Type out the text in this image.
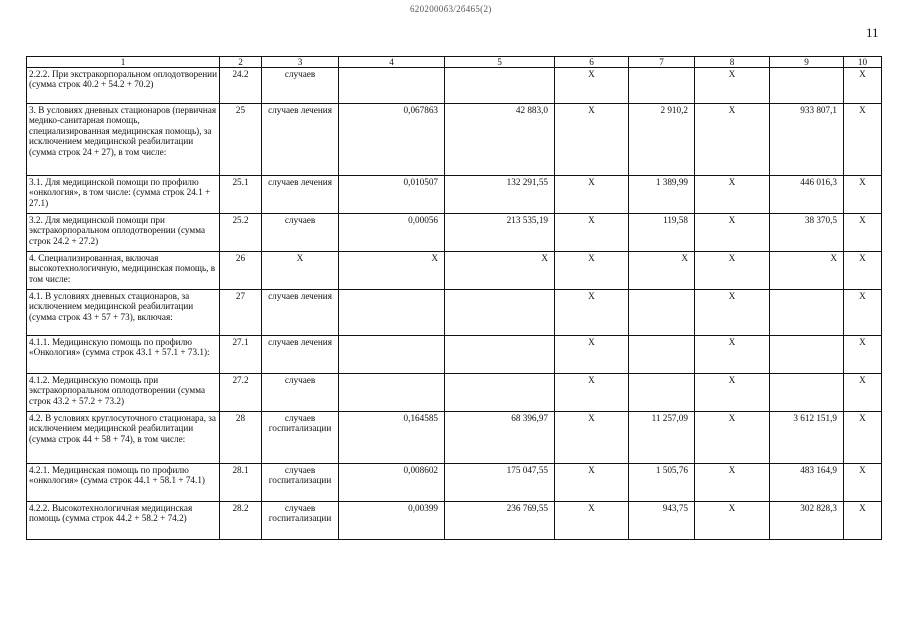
6202000б3/2б465(2)
11
1	2	3	4	5	6	7	8	9	10
2.2.2. При экстракорпоральном оплодотворении (сумма строк 40.2 + 54.2 + 70.2)	24.2	случаев			X		X		X
3. В условиях дневных стационаров (первичная медико-санитарная помощь, специализированная медицинская помощь), за исключением медицинской реабилитации (сумма строк 24 + 27), в том числе:	25	случаев лечения	0,067863	42 883,0	X	2 910,2	X	933 807,1	X
3.1. Для медицинской помощи по профилю «онкология», в том числе: (сумма строк 24.1 + 27.1)	25.1	случаев лечения	0,010507	132 291,55	X	1 389,99	X	446 016,3	X
3.2. Для медицинской помощи при экстракорпоральном оплодотворении (сумма строк 24.2 + 27.2)	25.2	случаев	0,00056	213 535,19	X	119,58	X	38 370,5	X
4. Специализированная, включая высокотехнологичную, медицинская помощь, в том числе:	26	X	X	X	X	X	X	X	X
4.1. В условиях дневных стационаров, за исключением медицинской реабилитации (сумма строк 43 + 57 + 73), включая:	27	случаев лечения			X		X		X
4.1.1. Медицинскую помощь по профилю «Онкология» (сумма строк 43.1 + 57.1 + 73.1):	27.1	случаев лечения			X		X		X
4.1.2. Медицинскую помощь при экстракорпоральном оплодотворении (сумма строк 43.2 + 57.2 + 73.2)	27.2	случаев			X		X		X
4.2. В условиях круглосуточного стационара, за исключением медицинской реабилитации (сумма строк 44 + 58 + 74), в том числе:	28	случаев госпитализации	0,164585	68 396,97	X	11 257,09	X	3 612 151,9	X
4.2.1. Медицинская помощь по профилю «онкология» (сумма строк 44.1 + 58.1 + 74.1)	28.1	случаев госпитализации	0,008602	175 047,55	X	1 505,76	X	483 164,9	X
4.2.2. Высокотехнологичная медицинская помощь (сумма строк 44.2 + 58.2 + 74.2)	28.2	случаев госпитализации	0,00399	236 769,55	X	943,75	X	302 828,3	X
